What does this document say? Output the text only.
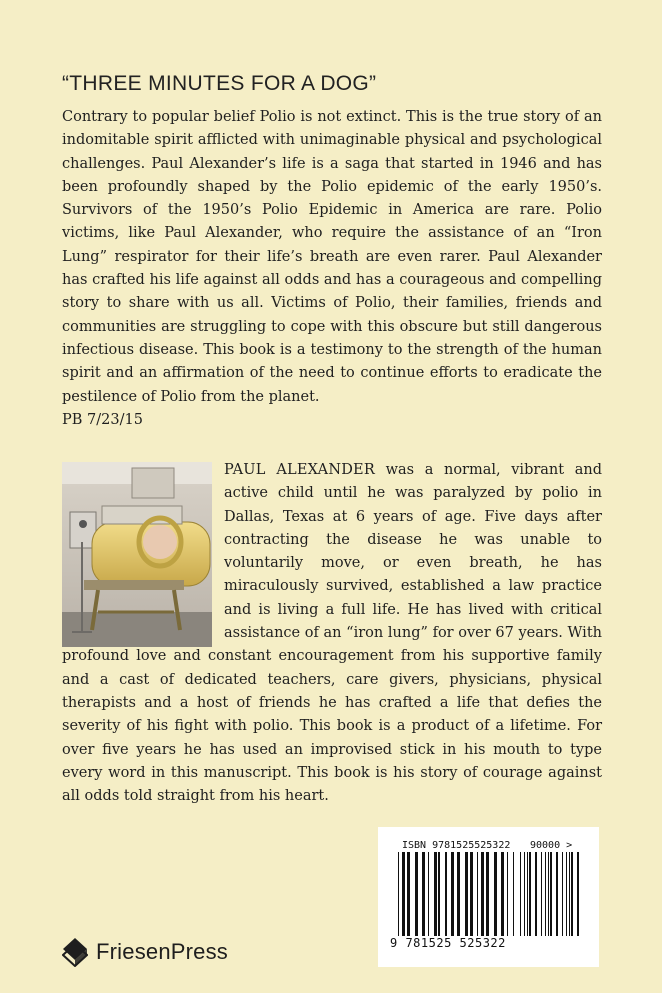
“THREE MINUTES FOR A DOG”
Contrary to popular belief Polio is not extinct. This is the true story of an indomitable spirit afflicted with unimaginable physical and psychological challenges. Paul Alexander’s life is a saga that started in 1946 and has been profoundly shaped by the Polio epidemic of the early 1950’s. Survivors of the 1950’s Polio Epidemic in America are rare. Polio victims, like Paul Alexander, who require the assistance of an “Iron Lung” respirator for their life’s breath are even rarer. Paul Alexander has crafted his life against all odds and has a courageous and compelling story to share with us all. Victims of Polio, their families, friends and communities are struggling to cope with this obscure but still dangerous infectious disease. This book is a testimony to the strength of the human spirit and an affirmation of the need to continue efforts to eradicate the pestilence of Polio from the planet.
PB 7/23/15
PAUL ALEXANDER was a normal, vibrant and active child until he was paralyzed by polio in Dallas, Texas at 6 years of age. Five days after contracting the disease he was unable to voluntarily move, or even breath, he has miraculously survived, established a law practice and is living a full life. He has lived with critical assistance of an “iron lung” for over 67 years. With profound love and constant encouragement from his supportive family and a cast of dedicated teachers, care givers, physicians, physical therapists and a host of friends he has crafted a life that defies the severity of his fight with polio. This book is a product of a lifetime. For over five years he has used an improvised stick in his mouth to type every word in this manuscript. This book is his story of courage against all odds told straight from his heart.
ISBN 9781525525322 90000 >
9 781525 525322
FriesenPress
